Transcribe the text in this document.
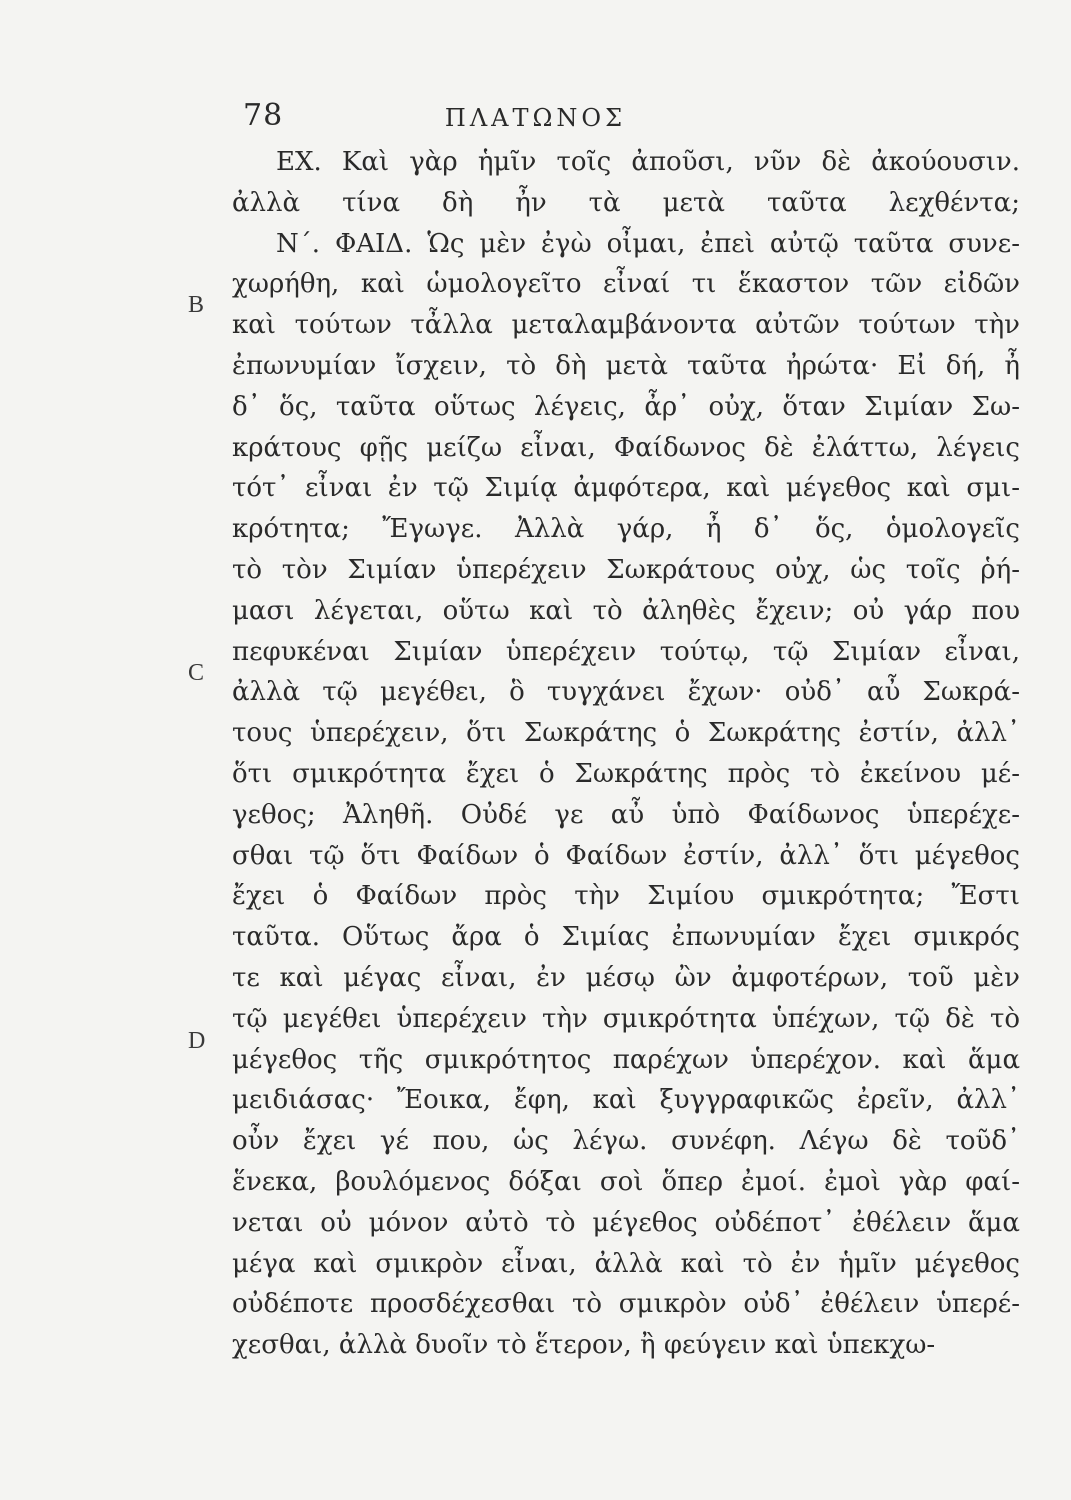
78	ΠΛΑΤΩΝΟΣ
B
C
D
ΕΧ. Καὶ γὰρ ἡμῖν τοῖς ἀποῦσι, νῦν δὲ ἀκούουσιν.
ἀλλὰ τίνα δὴ ἦν τὰ μετὰ ταῦτα λεχθέντα;
Ν΄. ΦΑΙΔ. Ὡς μὲν ἐγὼ οἶμαι, ἐπεὶ αὐτῷ ταῦτα συνε-
χωρήθη, καὶ ὡμολογεῖτο εἶναί τι ἕκαστον τῶν εἰδῶν
καὶ τούτων τἆλλα μεταλαμβάνοντα αὐτῶν τούτων τὴν
ἐπωνυμίαν ἴσχειν, τὸ δὴ μετὰ ταῦτα ἠρώτα· Εἰ δή, ἦ
δ᾽ ὅς, ταῦτα οὕτως λέγεις, ἆρ᾽ οὐχ, ὅταν Σιμίαν Σω-
κράτους φῇς μείζω εἶναι, Φαίδωνος δὲ ἐλάττω, λέγεις
τότ᾽ εἶναι ἐν τῷ Σιμίᾳ ἀμφότερα, καὶ μέγεθος καὶ σμι-
κρότητα; Ἔγωγε. Ἀλλὰ γάρ, ἦ δ᾽ ὅς, ὁμολογεῖς
τὸ τὸν Σιμίαν ὑπερέχειν Σωκράτους οὐχ, ὡς τοῖς ῥή-
μασι λέγεται, οὕτω καὶ τὸ ἀληθὲς ἔχειν; οὐ γάρ που
πεφυκέναι Σιμίαν ὑπερέχειν τούτῳ, τῷ Σιμίαν εἶναι,
ἀλλὰ τῷ μεγέθει, ὃ τυγχάνει ἔχων· οὐδ᾽ αὖ Σωκρά-
τους ὑπερέχειν, ὅτι Σωκράτης ὁ Σωκράτης ἐστίν, ἀλλ᾽
ὅτι σμικρότητα ἔχει ὁ Σωκράτης πρὸς τὸ ἐκείνου μέ-
γεθος; Ἀληθῆ. Οὐδέ γε αὖ ὑπὸ Φαίδωνος ὑπερέχε-
σθαι τῷ ὅτι Φαίδων ὁ Φαίδων ἐστίν, ἀλλ᾽ ὅτι μέγεθος
ἔχει ὁ Φαίδων πρὸς τὴν Σιμίου σμικρότητα; Ἔστι
ταῦτα. Οὕτως ἄρα ὁ Σιμίας ἐπωνυμίαν ἔχει σμικρός
τε καὶ μέγας εἶναι, ἐν μέσῳ ὢν ἀμφοτέρων, τοῦ μὲν
τῷ μεγέθει ὑπερέχειν τὴν σμικρότητα ὑπέχων, τῷ δὲ τὸ
μέγεθος τῆς σμικρότητος παρέχων ὑπερέχον. καὶ ἅμα
μειδιάσας· Ἔοικα, ἔφη, καὶ ξυγγραφικῶς ἐρεῖν, ἀλλ᾽
οὖν ἔχει γέ που, ὡς λέγω. συνέφη. Λέγω δὲ τοῦδ᾽
ἕνεκα, βουλόμενος δόξαι σοὶ ὅπερ ἐμοί. ἐμοὶ γὰρ φαί-
νεται οὐ μόνον αὐτὸ τὸ μέγεθος οὐδέποτ᾽ ἐθέλειν ἅμα
μέγα καὶ σμικρὸν εἶναι, ἀλλὰ καὶ τὸ ἐν ἡμῖν μέγεθος
οὐδέποτε προσδέχεσθαι τὸ σμικρὸν οὐδ᾽ ἐθέλειν ὑπερέ-
χεσθαι, ἀλλὰ δυοῖν τὸ ἕτερον, ἢ φεύγειν καὶ ὑπεκχω-
